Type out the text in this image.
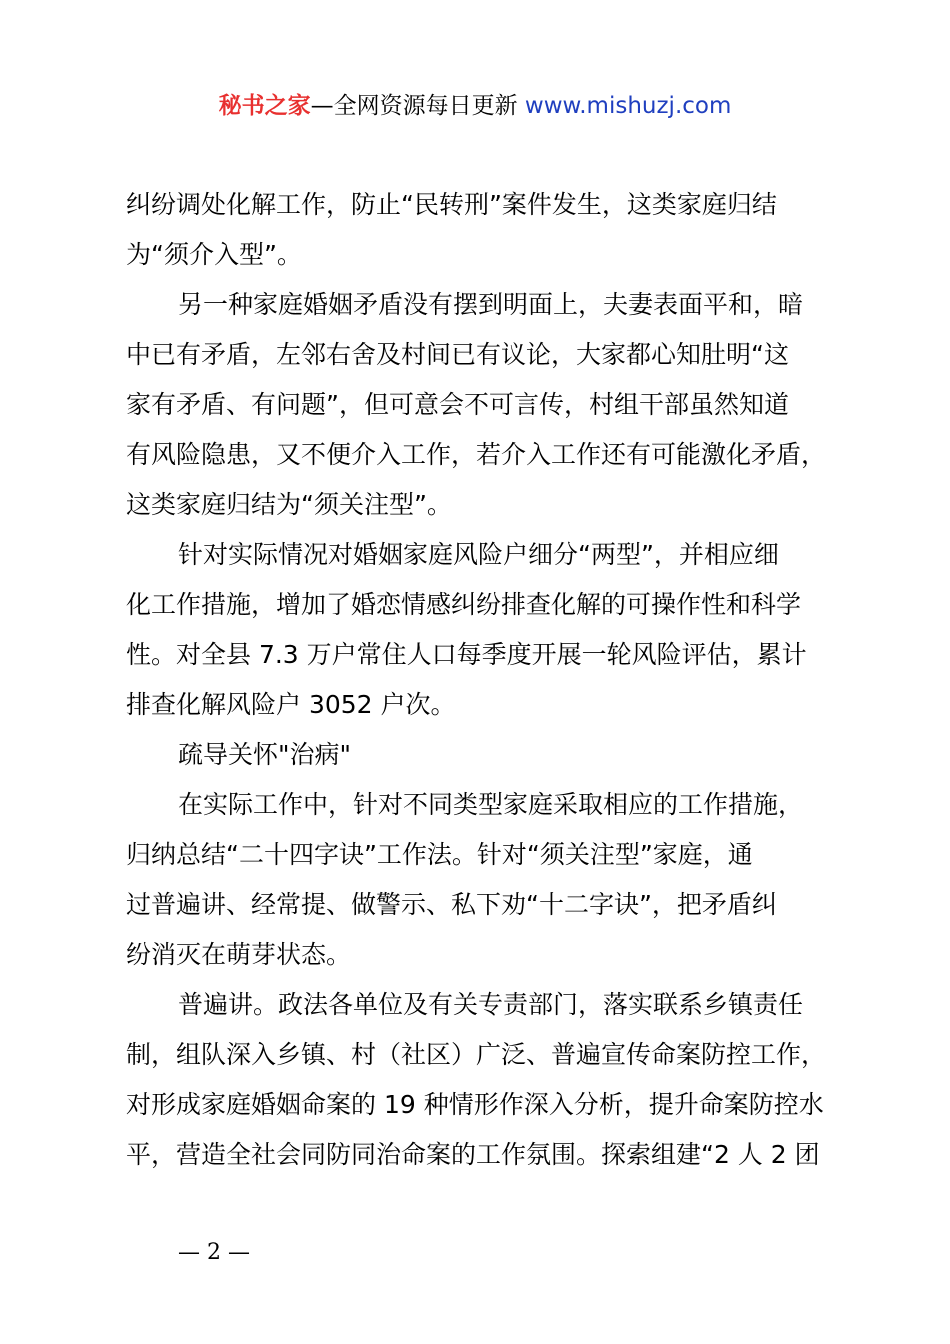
秘书之家—全网资源每日更新 www.mishuzj.com
纠纷调处化解工作，防止“民转刑”案件发生，这类家庭归结
为“须介入型”。
另一种家庭婚姻矛盾没有摆到明面上，夫妻表面平和，暗
中已有矛盾，左邻右舍及村间已有议论，大家都心知肚明“这
家有矛盾、有问题”，但可意会不可言传，村组干部虽然知道
有风险隐患，又不便介入工作，若介入工作还有可能激化矛盾，
这类家庭归结为“须关注型”。
针对实际情况对婚姻家庭风险户细分“两型”，并相应细
化工作措施，增加了婚恋情感纠纷排查化解的可操作性和科学
性。对全县 7.3 万户常住人口每季度开展一轮风险评估，累计
排查化解风险户 3052 户次。
疏导关怀"治病"
在实际工作中，针对不同类型家庭采取相应的工作措施，
归纳总结“二十四字诀”工作法。针对“须关注型”家庭，通
过普遍讲、经常提、做警示、私下劝“十二字诀”，把矛盾纠
纷消灭在萌芽状态。
普遍讲。政法各单位及有关专责部门，落实联系乡镇责任
制，组队深入乡镇、村（社区）广泛、普遍宣传命案防控工作，
对形成家庭婚姻命案的 19 种情形作深入分析，提升命案防控水
平，营造全社会同防同治命案的工作氛围。探索组建“2 人 2 团
— 2 —
